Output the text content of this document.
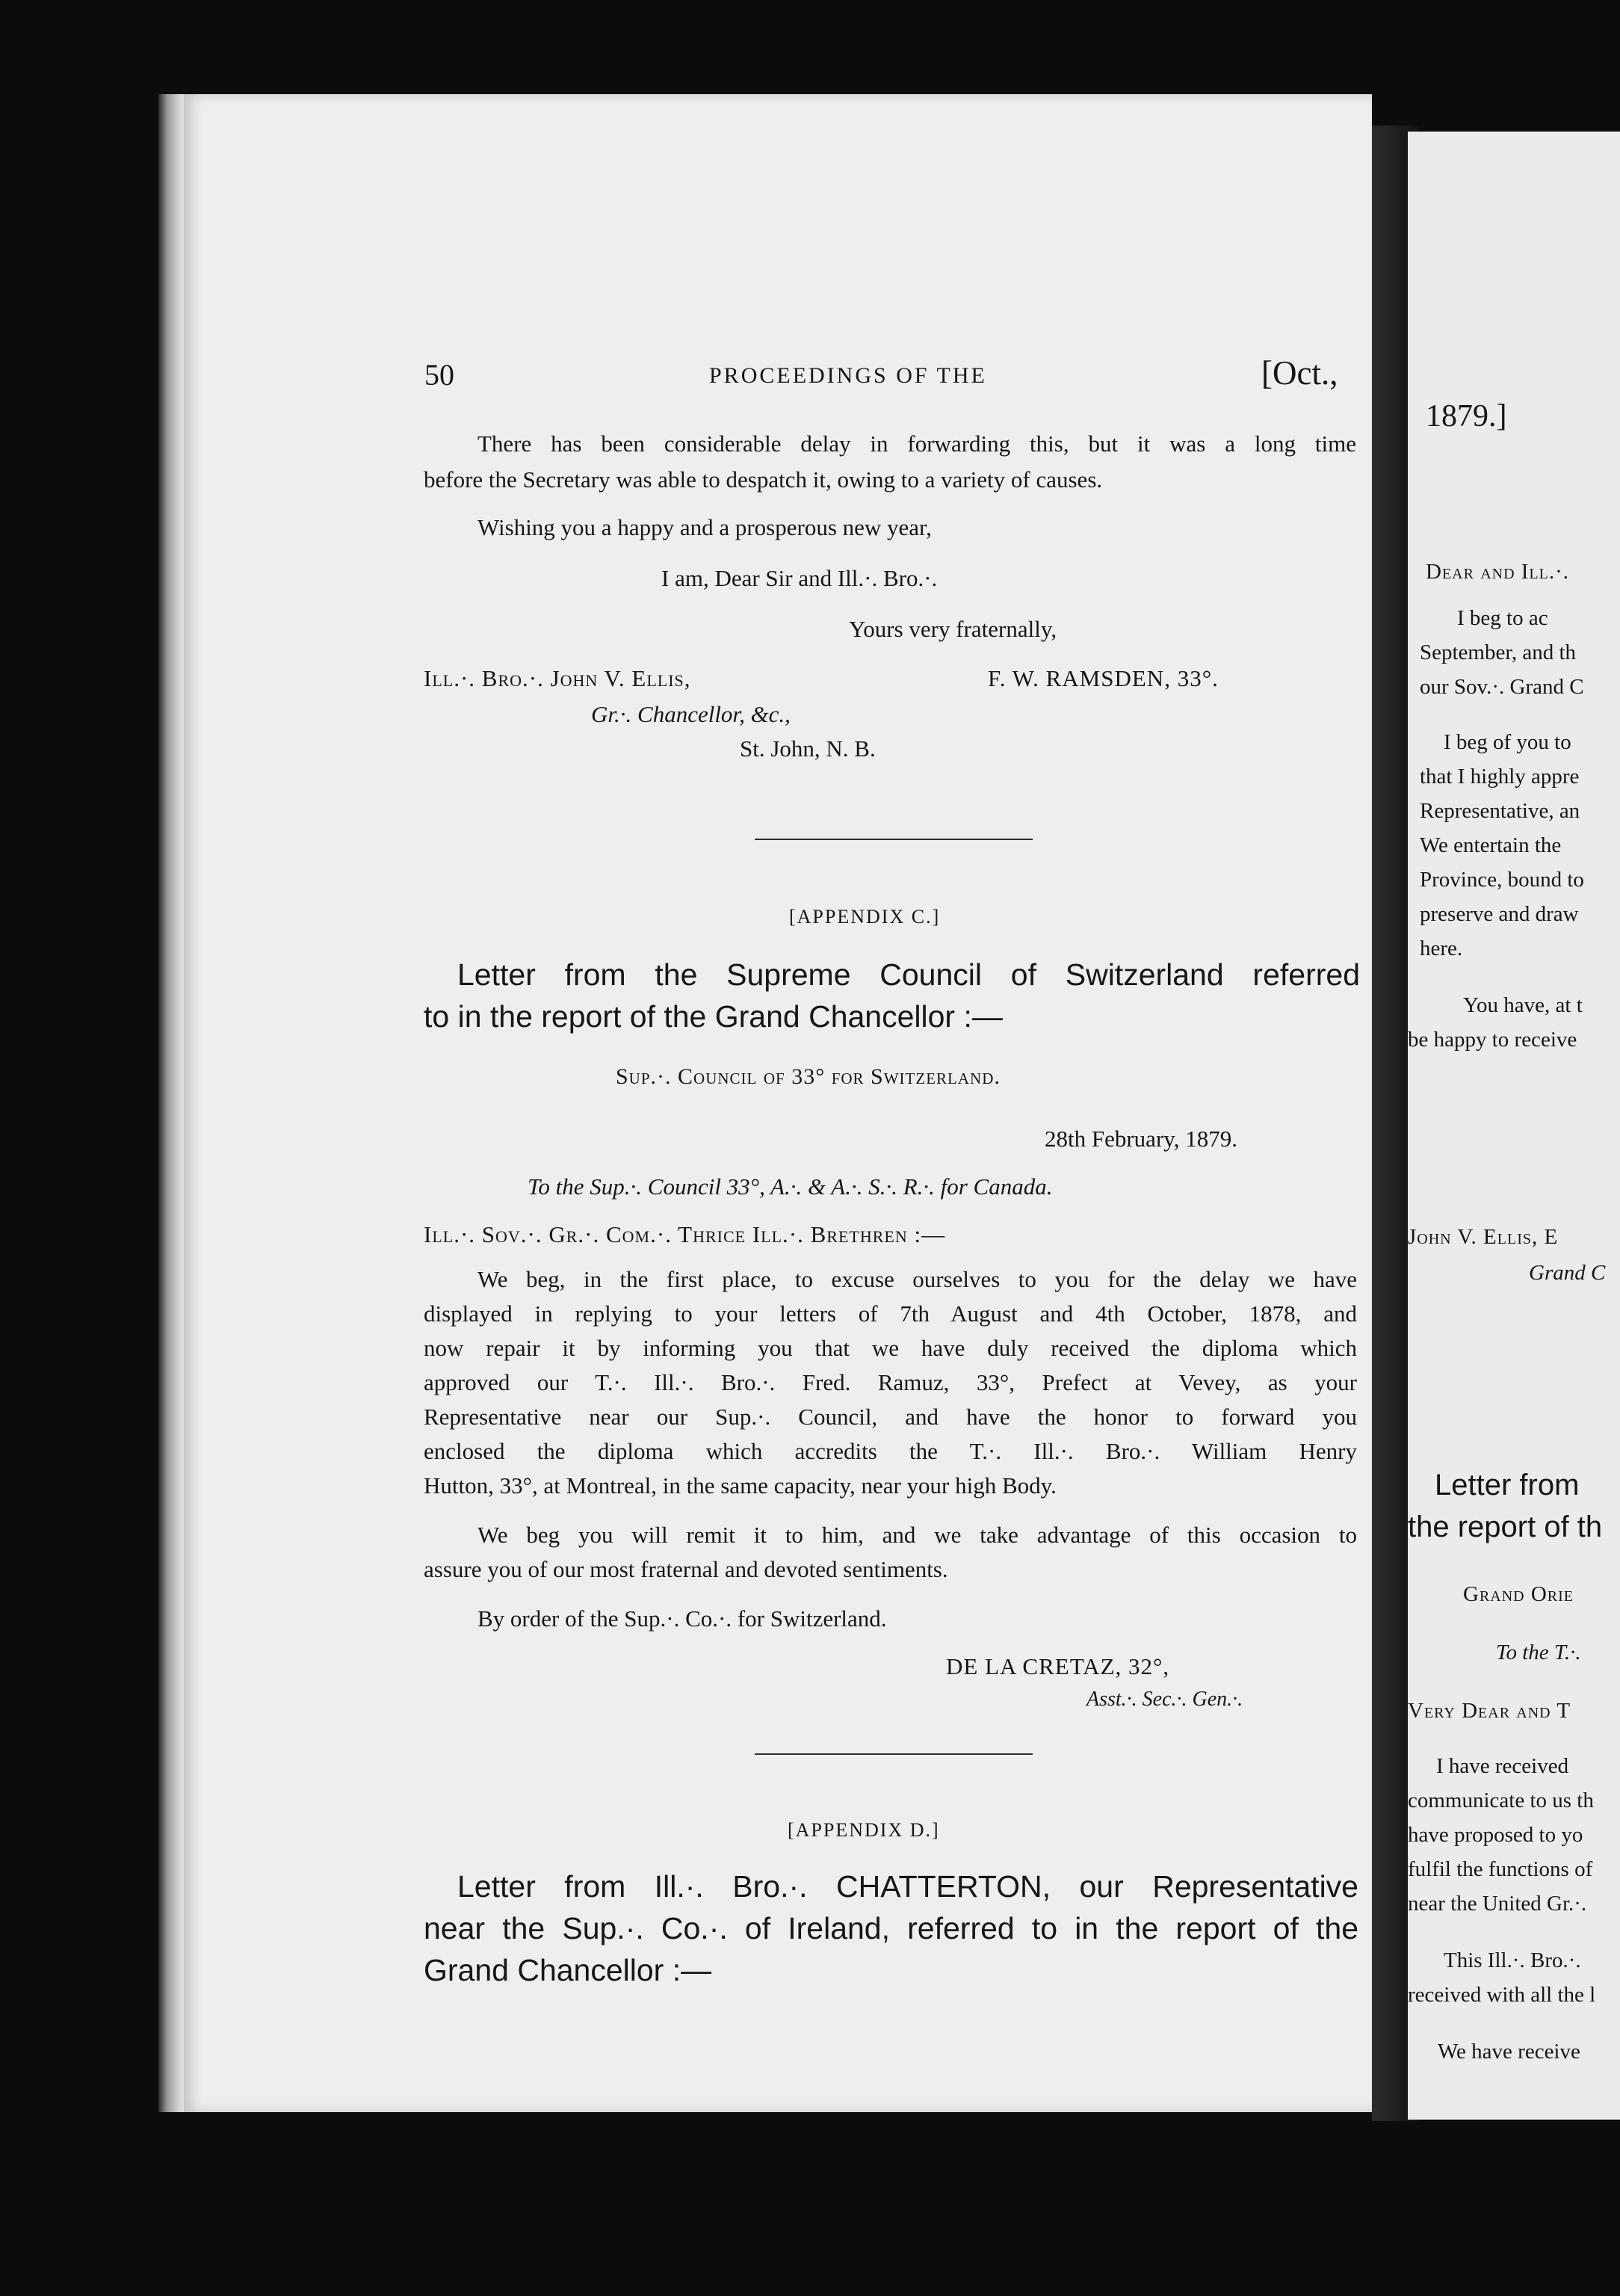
50	PROCEEDINGS OF THE	[Oct.,
There has been considerable delay in forwarding this, but it was a long time
before the Secretary was able to despatch it, owing to a variety of causes.
Wishing you a happy and a prosperous new year,
I am, Dear Sir and Ill.·. Bro.·.
Yours very fraternally,
Ill.·. Bro.·. John V. Ellis,
Gr.·. Chancellor, &c.,
St. John, N. B.
F. W. RAMSDEN, 33°.
[APPENDIX C.]
Letter from the Supreme Council of Switzerland referred
to in the report of the Grand Chancellor :—
Sup.·. Council of 33° for Switzerland.
28th February, 1879.
To the Sup.·. Council 33°, A.·. & A.·. S.·. R.·. for Canada.
Ill.·. Sov.·. Gr.·. Com.·. Thrice Ill.·. Brethren :—
We beg, in the first place, to excuse ourselves to you for the delay we have
displayed in replying to your letters of 7th August and 4th October, 1878, and
now repair it by informing you that we have duly received the diploma which
approved our T.·. Ill.·. Bro.·. Fred. Ramuz, 33°, Prefect at Vevey, as your
Representative near our Sup.·. Council, and have the honor to forward you
enclosed the diploma which accredits the T.·. Ill.·. Bro.·. William Henry
Hutton, 33°, at Montreal, in the same capacity, near your high Body.
We beg you will remit it to him, and we take advantage of this occasion to
assure you of our most fraternal and devoted sentiments.
By order of the Sup.·. Co.·. for Switzerland.
DE LA CRETAZ, 32°,
Asst.·. Sec.·. Gen.·.
[APPENDIX D.]
Letter from Ill.·. Bro.·. CHATTERTON, our Representative
near the Sup.·. Co.·. of Ireland, referred to in the report of the
Grand Chancellor :—
1879.]
Dear and Ill.·.
I beg to ac
September, and th
our Sov.·. Grand C
I beg of you to
that I highly appre
Representative, an
We entertain the
Province, bound to
preserve and draw
here.
You have, at t
be happy to receive
John V. Ellis, E
Grand C
Letter from
the report of th
Grand Orie
To the T.·.
Very Dear and T
I have received
communicate to us th
have proposed to yo
fulfil the functions of
near the United Gr.·.
This Ill.·. Bro.·.
received with all the l
We have receive
